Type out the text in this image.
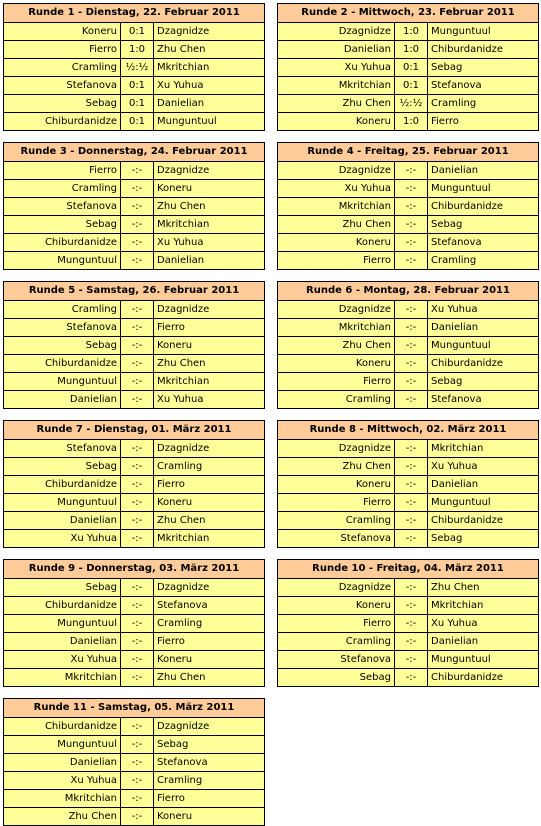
Runde 1 - Dienstag, 22. Februar 2011
Koneru	0:1	Dzagnidze
Fierro	1:0	Zhu Chen
Cramling ½:½ Mkritchian
Stefanova	0:1	Xu Yuhua
Sebag	0:1	Danielian
Chiburdanidze	0:1	Munguntuul
Runde 2 - Mittwoch, 23. Februar 2011
Dzagnidze	1:0	Munguntuul
Danielian	1:0	Chiburdanidze
Xu Yuhua	0:1	Sebag
Mkritchian	0:1	Stefanova
Zhu Chen ½:½ Cramling
Koneru	1:0	Fierro
Runde 3 - Donnerstag, 24. Februar 2011
Fierro	-:-	Dzagnidze
Cramling	-:-	Koneru
Stefanova	-:-	Zhu Chen
Sebag	-:-	Mkritchian
Chiburdanidze	-:-	Xu Yuhua
Munguntuul	-:-	Danielian
Runde 4 - Freitag, 25. Februar 2011
Dzagnidze	-:-	Danielian
Xu Yuhua	-:-	Munguntuul
Mkritchian	-:-	Chiburdanidze
Zhu Chen	-:-	Sebag
Koneru	-:-	Stefanova
Fierro	-:-	Cramling
Runde 5 - Samstag, 26. Februar 2011
Cramling	-:-	Dzagnidze
Stefanova	-:-	Fierro
Sebag	-:-	Koneru
Chiburdanidze	-:-	Zhu Chen
Munguntuul	-:-	Mkritchian
Danielian	-:-	Xu Yuhua
Runde 6 - Montag, 28. Februar 2011
Dzagnidze	-:-	Xu Yuhua
Mkritchian	-:-	Danielian
Zhu Chen	-:-	Munguntuul
Koneru	-:-	Chiburdanidze
Fierro	-:-	Sebag
Cramling	-:-	Stefanova
Runde 7 - Dienstag, 01. März 2011
Stefanova	-:-	Dzagnidze
Sebag	-:-	Cramling
Chiburdanidze	-:-	Fierro
Munguntuul	-:-	Koneru
Danielian	-:-	Zhu Chen
Xu Yuhua	-:-	Mkritchian
Runde 8 - Mittwoch, 02. März 2011
Dzagnidze	-:-	Mkritchian
Zhu Chen	-:-	Xu Yuhua
Koneru	-:-	Danielian
Fierro	-:-	Munguntuul
Cramling	-:-	Chiburdanidze
Stefanova	-:-	Sebag
Runde 9 - Donnerstag, 03. März 2011
Sebag	-:-	Dzagnidze
Chiburdanidze	-:-	Stefanova
Munguntuul	-:-	Cramling
Danielian	-:-	Fierro
Xu Yuhua	-:-	Koneru
Mkritchian	-:-	Zhu Chen
Runde 10 - Freitag, 04. März 2011
Dzagnidze	-:-	Zhu Chen
Koneru	-:-	Mkritchian
Fierro	-:-	Xu Yuhua
Cramling	-:-	Danielian
Stefanova	-:-	Munguntuul
Sebag	-:-	Chiburdanidze
Runde 11 - Samstag, 05. März 2011
Chiburdanidze	-:-	Dzagnidze
Munguntuul	-:-	Sebag
Danielian	-:-	Stefanova
Xu Yuhua	-:-	Cramling
Mkritchian	-:-	Fierro
Zhu Chen	-:-	Koneru
